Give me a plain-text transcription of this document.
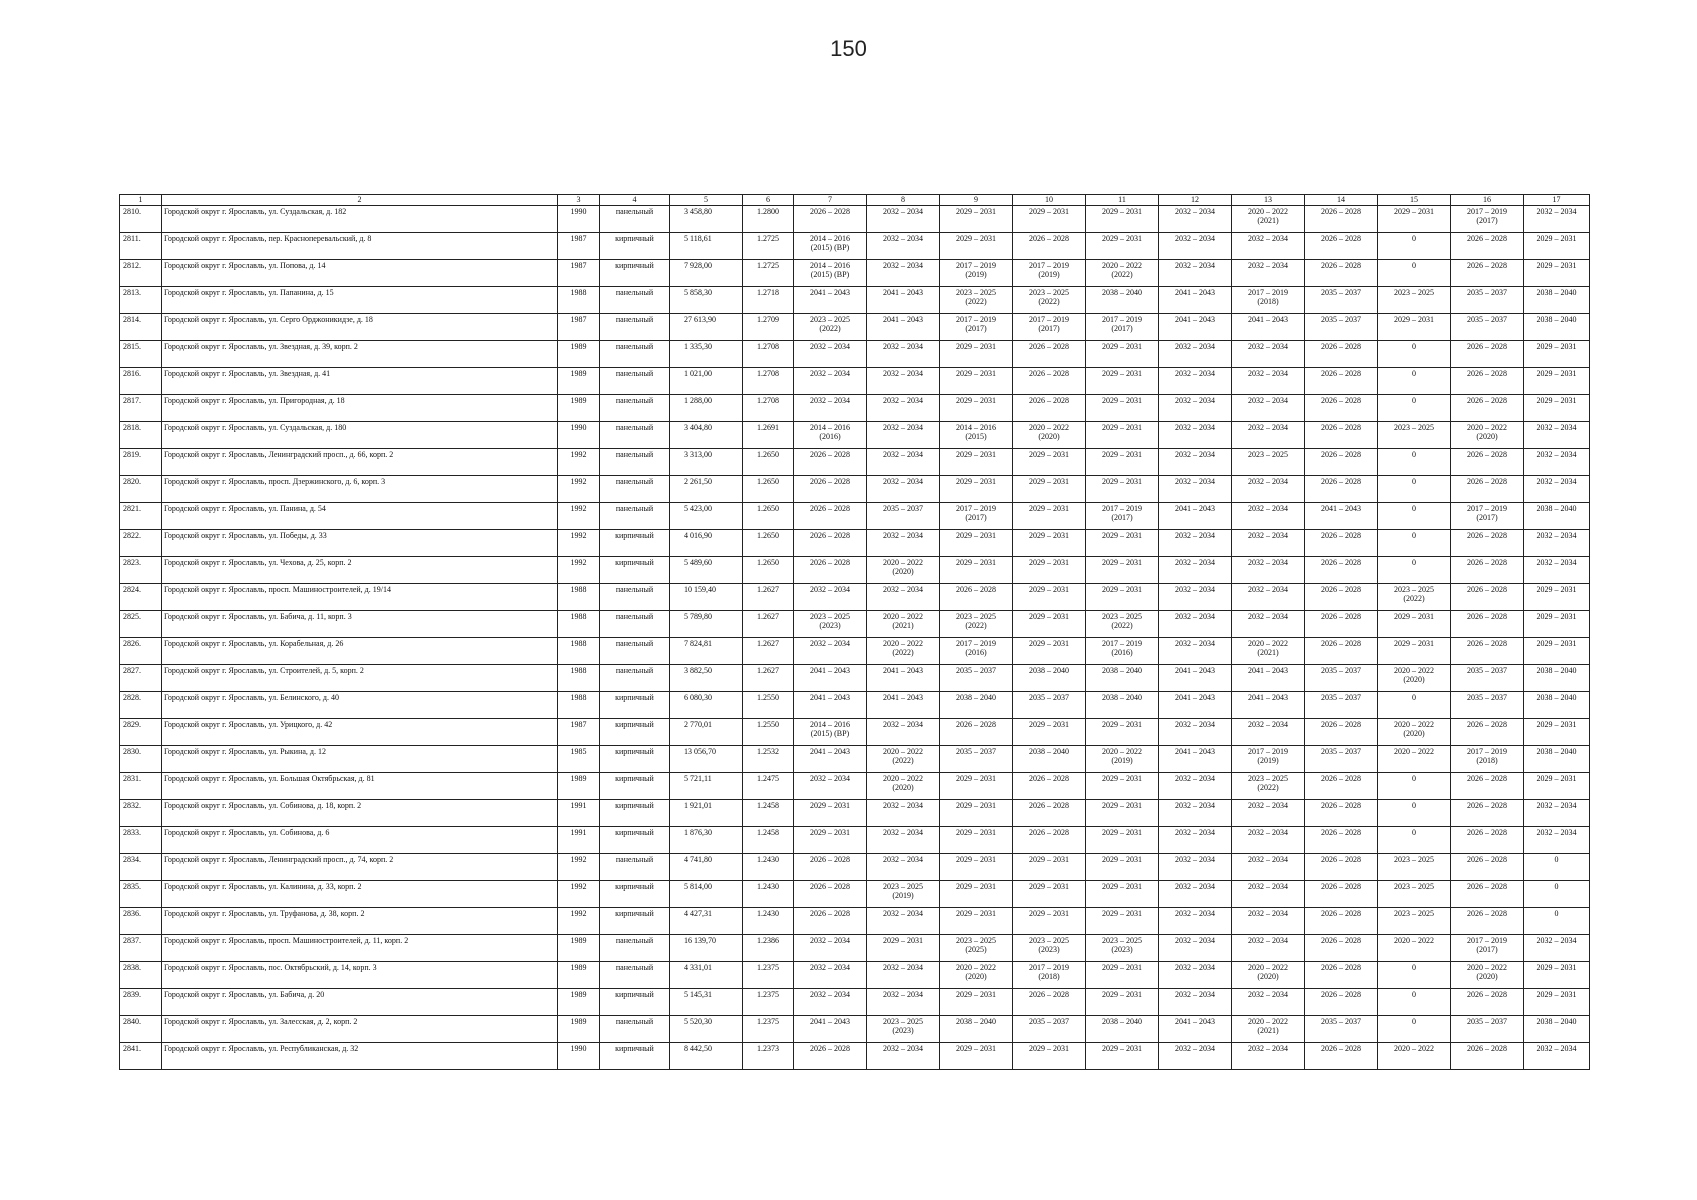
150
1	2	3	4	5	6	7	8	9	10	11	12	13	14	15	16	17
2810.	Городской округ г. Ярославль, ул. Суздальская, д. 182	1990	панельный	3 458,80	1.2800	2026 – 2028	2032 – 2034	2029 – 2031	2029 – 2031	2029 – 2031	2032 – 2034	2020 – 2022
(2021)	2026 – 2028	2029 – 2031	2017 – 2019
(2017)	2032 – 2034
2811.	Городской округ г. Ярославль, пер. Красноперевальский, д. 8	1987	кирпичный	5 118,61	1.2725	2014 – 2016
(2015) (ВР)	2032 – 2034	2029 – 2031	2026 – 2028	2029 – 2031	2032 – 2034	2032 – 2034	2026 – 2028	0	2026 – 2028	2029 – 2031
2812.	Городской округ г. Ярославль, ул. Попова, д. 14	1987	кирпичный	7 928,00	1.2725	2014 – 2016
(2015) (ВР)	2032 – 2034	2017 – 2019
(2019)	2017 – 2019
(2019)	2020 – 2022
(2022)	2032 – 2034	2032 – 2034	2026 – 2028	0	2026 – 2028	2029 – 2031
2813.	Городской округ г. Ярославль, ул. Папанина, д. 15	1988	панельный	5 858,30	1.2718	2041 – 2043	2041 – 2043	2023 – 2025
(2022)	2023 – 2025
(2022)	2038 – 2040	2041 – 2043	2017 – 2019
(2018)	2035 – 2037	2023 – 2025	2035 – 2037	2038 – 2040
2814.	Городской округ г. Ярославль, ул. Серго Орджоникидзе, д. 18	1987	панельный	27 613,90	1.2709	2023 – 2025
(2022)	2041 – 2043	2017 – 2019
(2017)	2017 – 2019
(2017)	2017 – 2019
(2017)	2041 – 2043	2041 – 2043	2035 – 2037	2029 – 2031	2035 – 2037	2038 – 2040
2815.	Городской округ г. Ярославль, ул. Звездная, д. 39, корп. 2	1989	панельный	1 335,30	1.2708	2032 – 2034	2032 – 2034	2029 – 2031	2026 – 2028	2029 – 2031	2032 – 2034	2032 – 2034	2026 – 2028	0	2026 – 2028	2029 – 2031
2816.	Городской округ г. Ярославль, ул. Звездная, д. 41	1989	панельный	1 021,00	1.2708	2032 – 2034	2032 – 2034	2029 – 2031	2026 – 2028	2029 – 2031	2032 – 2034	2032 – 2034	2026 – 2028	0	2026 – 2028	2029 – 2031
2817.	Городской округ г. Ярославль, ул. Пригородная, д. 18	1989	панельный	1 288,00	1.2708	2032 – 2034	2032 – 2034	2029 – 2031	2026 – 2028	2029 – 2031	2032 – 2034	2032 – 2034	2026 – 2028	0	2026 – 2028	2029 – 2031
2818.	Городской округ г. Ярославль, ул. Суздальская, д. 180	1990	панельный	3 404,80	1.2691	2014 – 2016
(2016)	2032 – 2034	2014 – 2016
(2015)	2020 – 2022
(2020)	2029 – 2031	2032 – 2034	2032 – 2034	2026 – 2028	2023 – 2025	2020 – 2022
(2020)	2032 – 2034
2819.	Городской округ г. Ярославль, Ленинградский просп., д. 66, корп. 2	1992	панельный	3 313,00	1.2650	2026 – 2028	2032 – 2034	2029 – 2031	2029 – 2031	2029 – 2031	2032 – 2034	2023 – 2025	2026 – 2028	0	2026 – 2028	2032 – 2034
2820.	Городской округ г. Ярославль, просп. Дзержинского, д. 6, корп. 3	1992	панельный	2 261,50	1.2650	2026 – 2028	2032 – 2034	2029 – 2031	2029 – 2031	2029 – 2031	2032 – 2034	2032 – 2034	2026 – 2028	0	2026 – 2028	2032 – 2034
2821.	Городской округ г. Ярославль, ул. Панина, д. 54	1992	панельный	5 423,00	1.2650	2026 – 2028	2035 – 2037	2017 – 2019
(2017)	2029 – 2031	2017 – 2019
(2017)	2041 – 2043	2032 – 2034	2041 – 2043	0	2017 – 2019
(2017)	2038 – 2040
2822.	Городской округ г. Ярославль, ул. Победы, д. 33	1992	кирпичный	4 016,90	1.2650	2026 – 2028	2032 – 2034	2029 – 2031	2029 – 2031	2029 – 2031	2032 – 2034	2032 – 2034	2026 – 2028	0	2026 – 2028	2032 – 2034
2823.	Городской округ г. Ярославль, ул. Чехова, д. 25, корп. 2	1992	кирпичный	5 489,60	1.2650	2026 – 2028	2020 – 2022
(2020)	2029 – 2031	2029 – 2031	2029 – 2031	2032 – 2034	2032 – 2034	2026 – 2028	0	2026 – 2028	2032 – 2034
2824.	Городской округ г. Ярославль, просп. Машиностроителей, д. 19/14	1988	панельный	10 159,40	1.2627	2032 – 2034	2032 – 2034	2026 – 2028	2029 – 2031	2029 – 2031	2032 – 2034	2032 – 2034	2026 – 2028	2023 – 2025
(2022)	2026 – 2028	2029 – 2031
2825.	Городской округ г. Ярославль, ул. Бабича, д. 11, корп. 3	1988	панельный	5 789,80	1.2627	2023 – 2025
(2023)	2020 – 2022
(2021)	2023 – 2025
(2022)	2029 – 2031	2023 – 2025
(2022)	2032 – 2034	2032 – 2034	2026 – 2028	2029 – 2031	2026 – 2028	2029 – 2031
2826.	Городской округ г. Ярославль, ул. Корабельная, д. 26	1988	панельный	7 824,81	1.2627	2032 – 2034	2020 – 2022
(2022)	2017 – 2019
(2016)	2029 – 2031	2017 – 2019
(2016)	2032 – 2034	2020 – 2022
(2021)	2026 – 2028	2029 – 2031	2026 – 2028	2029 – 2031
2827.	Городской округ г. Ярославль, ул. Строителей, д. 5, корп. 2	1988	панельный	3 882,50	1.2627	2041 – 2043	2041 – 2043	2035 – 2037	2038 – 2040	2038 – 2040	2041 – 2043	2041 – 2043	2035 – 2037	2020 – 2022
(2020)	2035 – 2037	2038 – 2040
2828.	Городской округ г. Ярославль, ул. Белинского, д. 40	1988	кирпичный	6 080,30	1.2550	2041 – 2043	2041 – 2043	2038 – 2040	2035 – 2037	2038 – 2040	2041 – 2043	2041 – 2043	2035 – 2037	0	2035 – 2037	2038 – 2040
2829.	Городской округ г. Ярославль, ул. Урицкого, д. 42	1987	кирпичный	2 770,01	1.2550	2014 – 2016
(2015) (ВР)	2032 – 2034	2026 – 2028	2029 – 2031	2029 – 2031	2032 – 2034	2032 – 2034	2026 – 2028	2020 – 2022
(2020)	2026 – 2028	2029 – 2031
2830.	Городской округ г. Ярославль, ул. Рыкина, д. 12	1985	кирпичный	13 056,70	1.2532	2041 – 2043	2020 – 2022
(2022)	2035 – 2037	2038 – 2040	2020 – 2022
(2019)	2041 – 2043	2017 – 2019
(2019)	2035 – 2037	2020 – 2022	2017 – 2019
(2018)	2038 – 2040
2831.	Городской округ г. Ярославль, ул. Большая Октябрьская, д. 81	1989	кирпичный	5 721,11	1.2475	2032 – 2034	2020 – 2022
(2020)	2029 – 2031	2026 – 2028	2029 – 2031	2032 – 2034	2023 – 2025
(2022)	2026 – 2028	0	2026 – 2028	2029 – 2031
2832.	Городской округ г. Ярославль, ул. Собинова, д. 18, корп. 2	1991	кирпичный	1 921,01	1.2458	2029 – 2031	2032 – 2034	2029 – 2031	2026 – 2028	2029 – 2031	2032 – 2034	2032 – 2034	2026 – 2028	0	2026 – 2028	2032 – 2034
2833.	Городской округ г. Ярославль, ул. Собинова, д. 6	1991	кирпичный	1 876,30	1.2458	2029 – 2031	2032 – 2034	2029 – 2031	2026 – 2028	2029 – 2031	2032 – 2034	2032 – 2034	2026 – 2028	0	2026 – 2028	2032 – 2034
2834.	Городской округ г. Ярославль, Ленинградский просп., д. 74, корп. 2	1992	панельный	4 741,80	1.2430	2026 – 2028	2032 – 2034	2029 – 2031	2029 – 2031	2029 – 2031	2032 – 2034	2032 – 2034	2026 – 2028	2023 – 2025	2026 – 2028	0
2835.	Городской округ г. Ярославль, ул. Калинина, д. 33, корп. 2	1992	кирпичный	5 814,00	1.2430	2026 – 2028	2023 – 2025
(2019)	2029 – 2031	2029 – 2031	2029 – 2031	2032 – 2034	2032 – 2034	2026 – 2028	2023 – 2025	2026 – 2028	0
2836.	Городской округ г. Ярославль, ул. Труфанова, д. 38, корп. 2	1992	кирпичный	4 427,31	1.2430	2026 – 2028	2032 – 2034	2029 – 2031	2029 – 2031	2029 – 2031	2032 – 2034	2032 – 2034	2026 – 2028	2023 – 2025	2026 – 2028	0
2837.	Городской округ г. Ярославль, просп. Машиностроителей, д. 11, корп. 2	1989	панельный	16 139,70	1.2386	2032 – 2034	2029 – 2031	2023 – 2025
(2025)	2023 – 2025
(2023)	2023 – 2025
(2023)	2032 – 2034	2032 – 2034	2026 – 2028	2020 – 2022	2017 – 2019
(2017)	2032 – 2034
2838.	Городской округ г. Ярославль, пос. Октябрьский, д. 14, корп. 3	1989	панельный	4 331,01	1.2375	2032 – 2034	2032 – 2034	2020 – 2022
(2020)	2017 – 2019
(2018)	2029 – 2031	2032 – 2034	2020 – 2022
(2020)	2026 – 2028	0	2020 – 2022
(2020)	2029 – 2031
2839.	Городской округ г. Ярославль, ул. Бабича, д. 20	1989	кирпичный	5 145,31	1.2375	2032 – 2034	2032 – 2034	2029 – 2031	2026 – 2028	2029 – 2031	2032 – 2034	2032 – 2034	2026 – 2028	0	2026 – 2028	2029 – 2031
2840.	Городской округ г. Ярославль, ул. Залесская, д. 2, корп. 2	1989	панельный	5 520,30	1.2375	2041 – 2043	2023 – 2025
(2023)	2038 – 2040	2035 – 2037	2038 – 2040	2041 – 2043	2020 – 2022
(2021)	2035 – 2037	0	2035 – 2037	2038 – 2040
2841.	Городской округ г. Ярославль, ул. Республиканская, д. 32	1990	кирпичный	8 442,50	1.2373	2026 – 2028	2032 – 2034	2029 – 2031	2029 – 2031	2029 – 2031	2032 – 2034	2032 – 2034	2026 – 2028	2020 – 2022	2026 – 2028	2032 – 2034
